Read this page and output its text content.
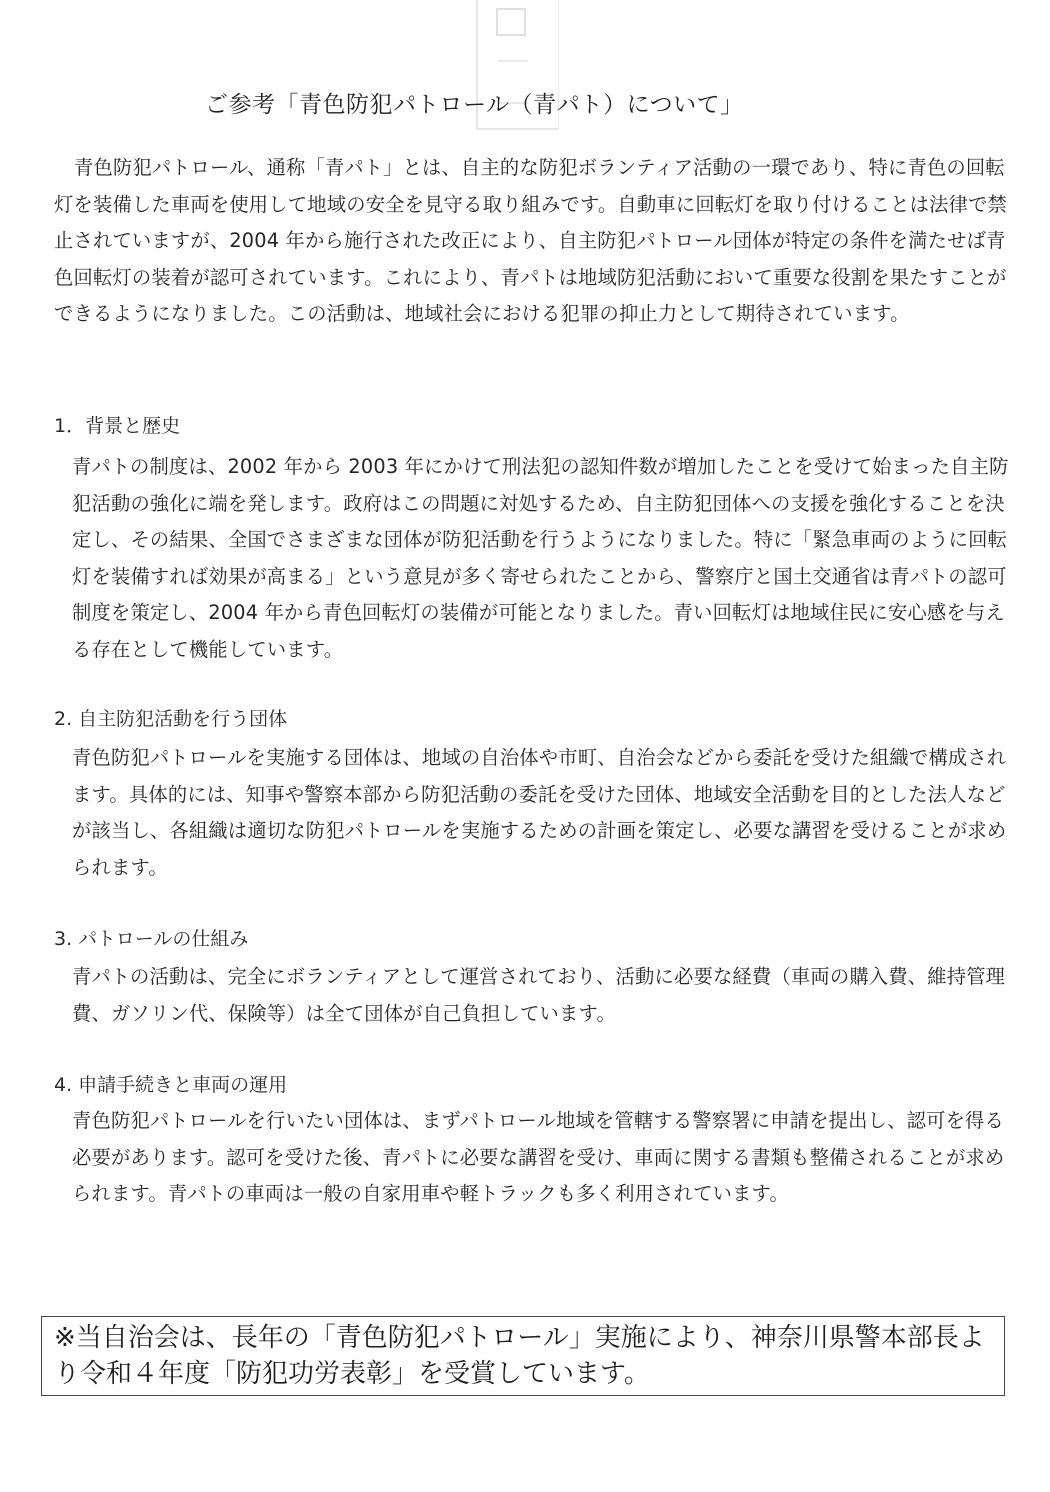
ご参考「青色防犯パトロール（青パト）について」
青色防犯パトロール、通称「青パト」とは、自主的な防犯ボランティア活動の一環であり、特に青色の回転灯を装備した車両を使用して地域の安全を見守る取り組みです。自動車に回転灯を取り付けることは法律で禁止されていますが、2004 年から施行された改正により、自主防犯パトロール団体が特定の条件を満たせば青色回転灯の装着が認可されています。これにより、青パトは地域防犯活動において重要な役割を果たすことができるようになりました。この活動は、地域社会における犯罪の抑止力として期待されています。
1．背景と歴史
青パトの制度は、2002 年から 2003 年にかけて刑法犯の認知件数が増加したことを受けて始まった自主防犯活動の強化に端を発します。政府はこの問題に対処するため、自主防犯団体への支援を強化することを決定し、その結果、全国でさまざまな団体が防犯活動を行うようになりました。特に「緊急車両のように回転灯を装備すれば効果が高まる」という意見が多く寄せられたことから、警察庁と国土交通省は青パトの認可制度を策定し、2004 年から青色回転灯の装備が可能となりました。青い回転灯は地域住民に安心感を与える存在として機能しています。
2. 自主防犯活動を行う団体
青色防犯パトロールを実施する団体は、地域の自治体や市町、自治会などから委託を受けた組織で構成されます。具体的には、知事や警察本部から防犯活動の委託を受けた団体、地域安全活動を目的とした法人などが該当し、各組織は適切な防犯パトロールを実施するための計画を策定し、必要な講習を受けることが求められます。
3. パトロールの仕組み
青パトの活動は、完全にボランティアとして運営されており、活動に必要な経費（車両の購入費、維持管理費、ガソリン代、保険等）は全て団体が自己負担しています。
4. 申請手続きと車両の運用
青色防犯パトロールを行いたい団体は、まずパトロール地域を管轄する警察署に申請を提出し、認可を得る必要があります。認可を受けた後、青パトに必要な講習を受け、車両に関する書類も整備されることが求められます。青パトの車両は一般の自家用車や軽トラックも多く利用されています。
※当自治会は、長年の「青色防犯パトロール」実施により、神奈川県警本部長より令和４年度「防犯功労表彰」を受賞しています。
